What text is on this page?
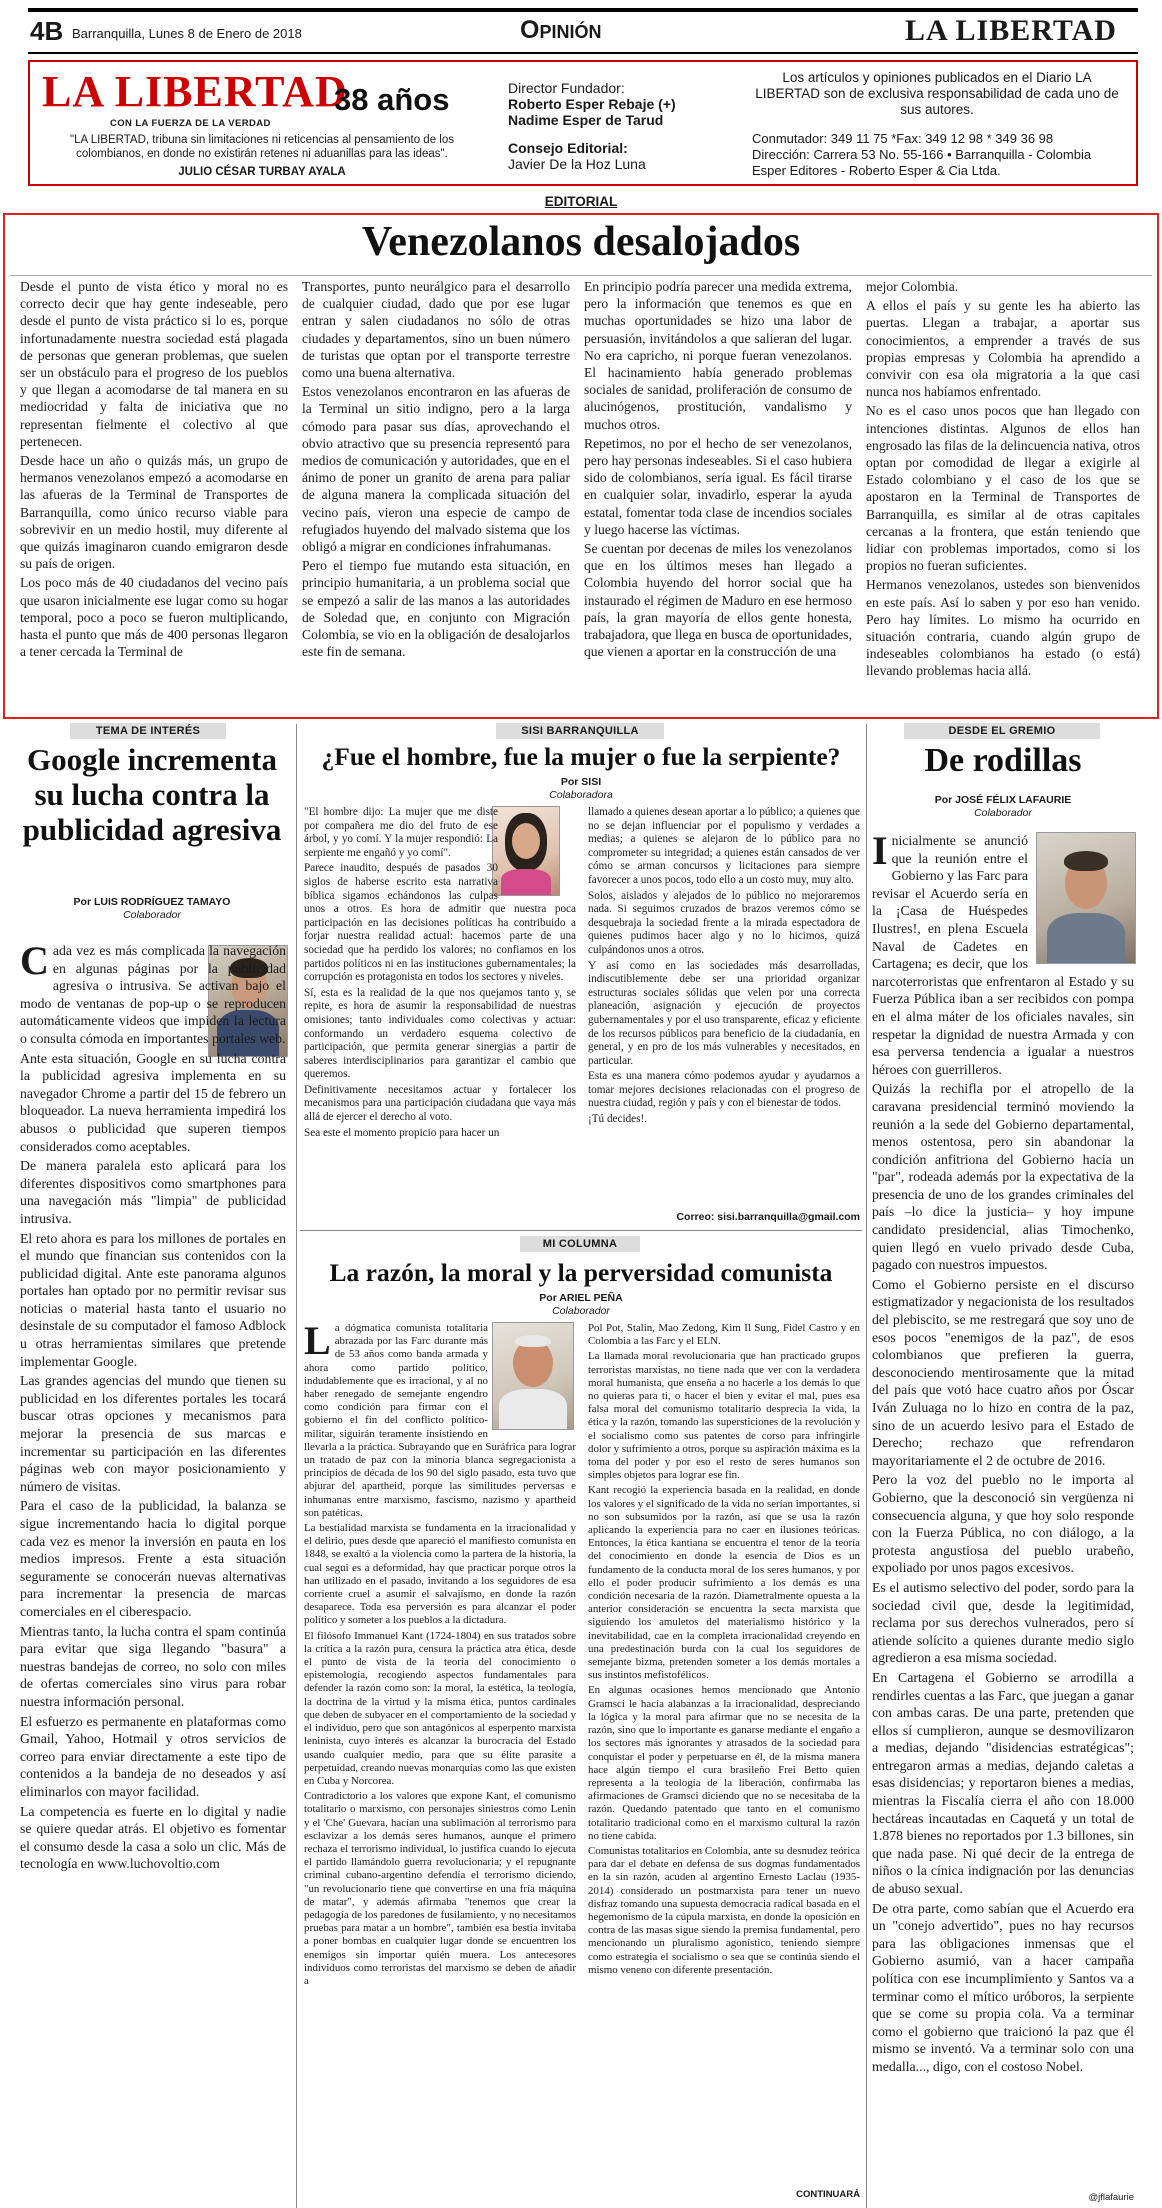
4B Barranquilla, Lunes 8 de Enero de 2018	Opinión	LA LIBERTAD
LA LIBERTAD
38 años
CON LA FUERZA DE LA VERDAD
"LA LIBERTAD, tribuna sin limitaciones ni reticencias al pensamiento de los colombianos, en donde no existirán retenes ni aduanillas para las ideas".
JULIO CÉSAR TURBAY AYALA
Director Fundador:
Roberto Esper Rebaje (+)
Nadime Esper de Tarud
Consejo Editorial:
Javier De la Hoz Luna
Los artículos y opiniones publicados en el Diario LA LIBERTAD son de exclusiva responsabilidad de cada uno de sus autores.
Conmutador: 349 11 75 *Fax: 349 12 98 * 349 36 98
Dirección: Carrera 53 No. 55-166 • Barranquilla - Colombia
Esper Editores - Roberto Esper & Cia Ltda.
EDITORIAL
Venezolanos desalojados

Desde el punto de vista ético y moral no es correcto decir que hay gente indeseable, pero desde el punto de vista práctico si lo es, porque infortunadamente nuestra sociedad está plagada de personas que generan problemas, que suelen ser un obstáculo para el progreso de los pueblos y que llegan a acomodarse de tal manera en su mediocridad y falta de iniciativa que no representan fielmente el colectivo al que pertenecen.

Desde hace un año o quizás más, un grupo de hermanos venezolanos empezó a acomodarse en las afueras de la Terminal de Transportes de Barranquilla, como único recurso viable para sobrevivir en un medio hostil, muy diferente al que quizás imaginaron cuando emigraron desde su país de origen.

Los poco más de 40 ciudadanos del vecino país que usaron inicialmente ese lugar como su hogar temporal, poco a poco se fueron multiplicando, hasta el punto que más de 400 personas llegaron a tener cercada la Terminal de

Transportes, punto neurálgico para el desarrollo de cualquier ciudad, dado que por ese lugar entran y salen ciudadanos no sólo de otras ciudades y departamentos, sino un buen número de turistas que optan por el transporte terrestre como una buena alternativa.

Estos venezolanos encontraron en las afueras de la Terminal un sitio indigno, pero a la larga cómodo para pasar sus días, aprovechando el obvio atractivo que su presencia representó para medios de comunicación y autoridades, que en el ánimo de poner un granito de arena para paliar de alguna manera la complicada situación del vecino país, vieron una especie de campo de refugiados huyendo del malvado sistema que los obligó a migrar en condiciones infrahumanas.

Pero el tiempo fue mutando esta situación, en principio humanitaria, a un problema social que se empezó a salir de las manos a las autoridades de Soledad que, en conjunto con Migración Colombia, se vio en la obligación de desalojarlos este fin de semana.

En principio podría parecer una medida extrema, pero la información que tenemos es que en muchas oportunidades se hizo una labor de persuasión, invitándolos a que salieran del lugar. No era capricho, ni porque fueran venezolanos. El hacinamiento había generado problemas sociales de sanidad, proliferación de consumo de alucinógenos, prostitución, vandalismo y muchos otros.

Repetimos, no por el hecho de ser venezolanos, pero hay personas indeseables. Si el caso hubiera sido de colombianos, sería igual. Es fácil tirarse en cualquier solar, invadirlo, esperar la ayuda estatal, fomentar toda clase de incendios sociales y luego hacerse las víctimas.

Se cuentan por decenas de miles los venezolanos que en los últimos meses han llegado a Colombia huyendo del horror social que ha instaurado el régimen de Maduro en ese hermoso país, la gran mayoría de ellos gente honesta, trabajadora, que llega en busca de oportunidades, que vienen a aportar en la construcción de una

mejor Colombia.

A ellos el país y su gente les ha abierto las puertas. Llegan a trabajar, a aportar sus conocimientos, a emprender a través de sus propias empresas y Colombia ha aprendido a convivir con esa ola migratoria a la que casi nunca nos habíamos enfrentado.

No es el caso unos pocos que han llegado con intenciones distintas. Algunos de ellos han engrosado las filas de la delincuencia nativa, otros optan por comodidad de llegar a exigirle al Estado colombiano y el caso de los que se apostaron en la Terminal de Transportes de Barranquilla, es similar al de otras capitales cercanas a la frontera, que están teniendo que lidiar con problemas importados, como si los propios no fueran suficientes.

Hermanos venezolanos, ustedes son bienvenidos en este país. Así lo saben y por eso han venido. Pero hay límites. Lo mismo ha ocurrido en situación contraria, cuando algún grupo de indeseables colombianos ha estado (o está) llevando problemas hacia allá.

TEMA DE INTERÉS
Google incrementa su lucha contra la publicidad agresiva
Por LUIS RODRÍGUEZ TAMAYO
Colaborador
C ada vez es más complicada la navegación en algunas páginas por la publicidad agresiva o intrusiva. Se activan bajo el modo de ventanas de pop-up o se reproducen automáticamente videos que impiden la lectura o consulta cómoda en importantes portales web.

Ante esta situación, Google en su lucha contra la publicidad agresiva implementa en su navegador Chrome a partir del 15 de febrero un bloqueador. La nueva herramienta impedirá los abusos o publicidad que superen tiempos considerados como aceptables.

De manera paralela esto aplicará para los diferentes dispositivos como smartphones para una navegación más "limpia" de publicidad intrusiva.

El reto ahora es para los millones de portales en el mundo que financian sus contenidos con la publicidad digital. Ante este panorama algunos portales han optado por no permitir revisar sus noticias o material hasta tanto el usuario no desinstale de su computador el famoso Adblock u otras herramientas similares que pretende implementar Google.

Las grandes agencias del mundo que tienen su publicidad en los diferentes portales les tocará buscar otras opciones y mecanismos para mejorar la presencia de sus marcas e incrementar su participación en las diferentes páginas web con mayor posicionamiento y número de visitas.

Para el caso de la publicidad, la balanza se sigue incrementando hacia lo digital porque cada vez es menor la inversión en pauta en los medios impresos. Frente a esta situación seguramente se conocerán nuevas alternativas para incrementar la presencia de marcas comerciales en el ciberespacio.

Mientras tanto, la lucha contra el spam continúa para evitar que siga llegando "basura" a nuestras bandejas de correo, no solo con miles de ofertas comerciales sino virus para robar nuestra información personal.

El esfuerzo es permanente en plataformas como Gmail, Yahoo, Hotmail y otros servicios de correo para enviar directamente a este tipo de contenidos a la bandeja de no deseados y así eliminarlos con mayor facilidad.

La competencia es fuerte en lo digital y nadie se quiere quedar atrás. El objetivo es fomentar el consumo desde la casa a solo un clic. Más de tecnología en www.luchovoltio.com

SISI BARRANQUILLA
¿Fue el hombre, fue la mujer o fue la serpiente?
Por SISI
Colaboradora

"El hombre dijo: La mujer que me diste por compañera me dio del fruto de ese árbol, y yo comí. Y la mujer respondió: La serpiente me engañó y yo comí".

Parece inaudito, después de pasados 30 siglos de haberse escrito esta narrativa bíblica sigamos echándonos las culpas unos a otros. Es hora de admitir que nuestra poca participación en las decisiones políticas ha contribuido a forjar nuestra realidad actual: hacemos parte de una sociedad que ha perdido los valores; no confiamos en los partidos políticos ni en las instituciones gubernamentales; la corrupción es protagonista en todos los sectores y niveles.

Sí, esta es la realidad de la que nos quejamos tanto y, se repite, es hora de asumir la responsabilidad de nuestras omisiones; tanto individuales como colectivas y actuar: conformando un verdadero esquema colectivo de participación, que permita generar sinergias a partir de saberes interdisciplinarios para garantizar el cambio que queremos.

Definitivamente necesitamos actuar y fortalecer los mecanismos para una participación ciudadana que vaya más allá de ejercer el derecho al voto.

Sea este el momento propicio para hacer un

llamado a quienes desean aportar a lo público; a quienes que no se dejan influenciar por el populismo y verdades a medias; a quienes se alejaron de lo público para no comprometer su integridad; a quienes están cansados de ver cómo se arman concursos y licitaciones para siempre favorecer a unos pocos, todo ello a un costo muy, muy alto.

Solos, aislados y alejados de lo público no mejoraremos nada. Si seguimos cruzados de brazos veremos cómo se desquebraja la sociedad frente a la mirada espectadora de quienes pudimos hacer algo y no lo hicimos, quizá culpándonos unos a otros.

Y así como en las sociedades más desarrolladas, indiscutiblemente debe ser una prioridad organizar estructuras sociales sólidas que velen por una correcta planeación, asignación y ejecución de proyectos gubernamentales y por el uso transparente, eficaz y eficiente de los recursos públicos para beneficio de la ciudadanía, en general, y en pro de los más vulnerables y necesitados, en particular.

Esta es una manera cómo podemos ayudar y ayudarnos a tomar mejores decisiones relacionadas con el progreso de nuestra ciudad, región y país y con el bienestar de todos.

¡Tú decides!.

Correo: sisi.barranquilla@gmail.com
MI COLUMNA
La razón, la moral y la perversidad comunista
Por ARIEL PEÑA
Colaborador
L a dógmatica comunista totalitaria abrazada por las Farc durante más de 53 años como banda armada y ahora como partido político, indudablemente que es irracional, y al no haber renegado de semejante engendro como condición para firmar con el gobierno el fin del conflicto político-militar, siguirán teramente insistiendo en llevarla a la práctica. Subrayando que en Suráfrica para lograr un tratado de paz con la minoría blanca segregacionista a principios de década de los 90 del siglo pasado, esta tuvo que abjurar del apartheid, porque las similitudes perversas e inhumanas entre marxismo, fascismo, nazismo y apartheid son patéticas.

La bestialidad marxista se fundamenta en la irracionalidad y el delirio, pues desde que apareció el manifiesto comunista en 1848, se exaltó a la violencia como la partera de la historia, la cual segui es a deformidad, hay que practicar porque otros la han utilizado en el pasado, invitando a los seguidores de esa corriente cruel a asumir el salvajismo, en donde la razón desaparece. Toda esa perversión es para alcanzar el poder político y someter a los pueblos a la dictadura.

El filósofo Immanuel Kant (1724-1804) en sus tratados sobre la crítica a la razón pura, censura la práctica atra ética, desde el punto de vista de la teoría del conocimiento o epistemología, recogiendo aspectos fundamentales para defender la razón como son: la moral, la estética, la teología, la doctrina de la virtud y la misma ética, puntos cardinales que deben de subyacer en el comportamiento de la sociedad y el individuo, pero que son antagónicos al esperpento marxista leninista, cuyo interés es alcanzar la burocracia del Estado usando cualquier medio, para que su élite parasite a perpetuidad, creando nuevas monarquías como las que existen en Cuba y Norcorea.

Contradictorio a los valores que expone Kant, el comunismo totalitario o marxismo, con personajes siniestros como Lenin y el 'Che' Guevara, hacían una sublimación al terrorismo para esclavizar a los demás seres humanos, aunque el primero rechaza el terrorismo individual, lo justifica cuando lo ejecuta el partido llamándolo guerra revolucionaria; y el repugnante criminal cubano-argentino defendía el terrorismo diciendo, "un revolucionario tiene que convertirse en una fría máquina de matar", y además afirmaba "tenemos que crear la pedagogía de los paredones de fusilamiento, y no necesitamos pruebas para matar a un hombre", también esa bestia invitaba a poner bombas en cualquier lugar donde se encuentren los enemigos sin importar quién muera. Los antecesores individuos como terroristas del marxismo se deben de añadir a

Pol Pot, Stalin, Mao Zedong, Kim Il Sung, Fidel Castro y en Colombia a las Farc y el ELN.

La llamada moral revolucionaria que han practicado grupos terroristas marxistas, no tiene nada que ver con la verdadera moral humanista, que enseña a no hacerle a los demás lo que no quieras para ti, o hacer el bien y evitar el mal, pues esa falsa moral del comunismo totalitario desprecia la vida, la ética y la razón, tomando las supersticiones de la revolución y el socialismo como sus patentes de corso para infringirle dolor y sufrimiento a otros, porque su aspiración máxima es la toma del poder y por eso el resto de seres humanos son simples objetos para lograr ese fin.

Kant recogió la experiencia basada en la realidad, en donde los valores y el significado de la vida no serían importantes, si no son subsumidos por la razón, así que se usa la razón aplicando la experiencia para no caer en ilusiones teóricas. Entonces, la ética kantiana se encuentra el tenor de la teoría del conocimiento en donde la esencia de Dios es un fundamento de la conducta moral de los seres humanos, y por ello el poder producir sufrimiento a los demás es una condición necesaria de la razón. Diametralmente opuesta a la anterior consideración se encuentra la secta marxista que siguiendo los amuletos del materialismo histórico y la inevitabilidad, cae en la completa irracionalidad creyendo en una predestinación burda con la cual los seguidores de semejante bizma, pretenden someter a los demás mortales a sus instintos mefistofélicos.

En algunas ocasiones hemos mencionado que Antonio Gramsci le hacía alabanzas a la irracionalidad, despreciando la lógica y la moral para afirmar que no se necesita de la razón, sino que lo importante es ganarse mediante el engaño a los sectores más ignorantes y atrasados de la sociedad para conquistar el poder y perpetuarse en él, de la misma manera hace algún tiempo el cura brasileño Frei Betto quien representa a la teología de la liberación, confirmaba las afirmaciones de Gramsci diciendo que no se necesitaba de la razón. Quedando patentado que tanto en el comunismo totalitario tradicional como en el marxismo cultural la razón no tiene cabida.

Comunistas totalitarios en Colombia, ante su desnudez teórica para dar el debate en defensa de sus dogmas fundamentados en la sin razón, acuden al argentino Ernesto Laclau (1935-2014) considerado un postmarxista para tener un nuevo disfraz tomando una supuesta democracia radical basada en el hegemonismo de la cúpula marxista, en donde la oposición en contra de las masas sigue siendo la premisa fundamental, pero mencionando un pluralismo agonístico, teniendo siempre como estrategia el socialismo o sea que se continúa siendo el mismo veneno con diferente presentación.

CONTINUARÁ
DESDE EL GREMIO
De rodillas
Por JOSÉ FÉLIX LAFAURIE
Colaborador
I nicialmente se anunció que la reunión entre el Gobierno y las Farc para revisar el Acuerdo sería en la ¡Casa de Huéspedes Ilustres!, en plena Escuela Naval de Cadetes en Cartagena; es decir, que los narcoterroristas que enfrentaron al Estado y su Fuerza Pública iban a ser recibidos con pompa en el alma máter de los oficiales navales, sin respetar la dignidad de nuestra Armada y con esa perversa tendencia a igualar a nuestros héroes con guerrilleros.

Quizás la rechifla por el atropello de la caravana presidencial terminó moviendo la reunión a la sede del Gobierno departamental, menos ostentosa, pero sin abandonar la condición anfitriona del Gobierno hacia un "par", rodeada además por la expectativa de la presencia de uno de los grandes criminales del país –lo dice la justicia– y hoy impune candidato presidencial, alias Timochenko, quien llegó en vuelo privado desde Cuba, pagado con nuestros impuestos.

Como el Gobierno persiste en el discurso estigmatizador y negacionista de los resultados del plebiscito, se me restregará que soy uno de esos pocos "enemigos de la paz", de esos colombianos que prefieren la guerra, desconociendo mentirosamente que la mitad del país que votó hace cuatro años por Óscar Iván Zuluaga no lo hizo en contra de la paz, sino de un acuerdo lesivo para el Estado de Derecho; rechazo que refrendaron mayoritariamente el 2 de octubre de 2016.

Pero la voz del pueblo no le importa al Gobierno, que la desconoció sin vergüenza ni consecuencia alguna, y que hoy solo responde con la Fuerza Pública, no con diálogo, a la protesta angustiosa del pueblo urabeño, expoliado por unos pagos excesivos.

Es el autismo selectivo del poder, sordo para la sociedad civil que, desde la legitimidad, reclama por sus derechos vulnerados, pero sí atiende solícito a quienes durante medio siglo agredieron a esa misma sociedad.

En Cartagena el Gobierno se arrodilla a rendirles cuentas a las Farc, que juegan a ganar con ambas caras. De una parte, pretenden que ellos sí cumplieron, aunque se desmovilizaron a medias, dejando "disidencias estratégicas"; entregaron armas a medias, dejando caletas a esas disidencias; y reportaron bienes a medias, mientras la Fiscalía cierra el año con 18.000 hectáreas incautadas en Caquetá y un total de 1.878 bienes no reportados por 1.3 billones, sin que nada pase. Ni qué decir de la entrega de niños o la cínica indignación por las denuncias de abuso sexual.

De otra parte, como sabían que el Acuerdo era un "conejo advertido", pues no hay recursos para las obligaciones inmensas que el Gobierno asumió, van a hacer campaña política con ese incumplimiento y Santos va a terminar como el mítico uróboros, la serpiente que se come su propia cola. Va a terminar como el gobierno que traicionó la paz que él mismo se inventó. Va a terminar solo con una medalla..., digo, con el costoso Nobel.

@jflafaurie
